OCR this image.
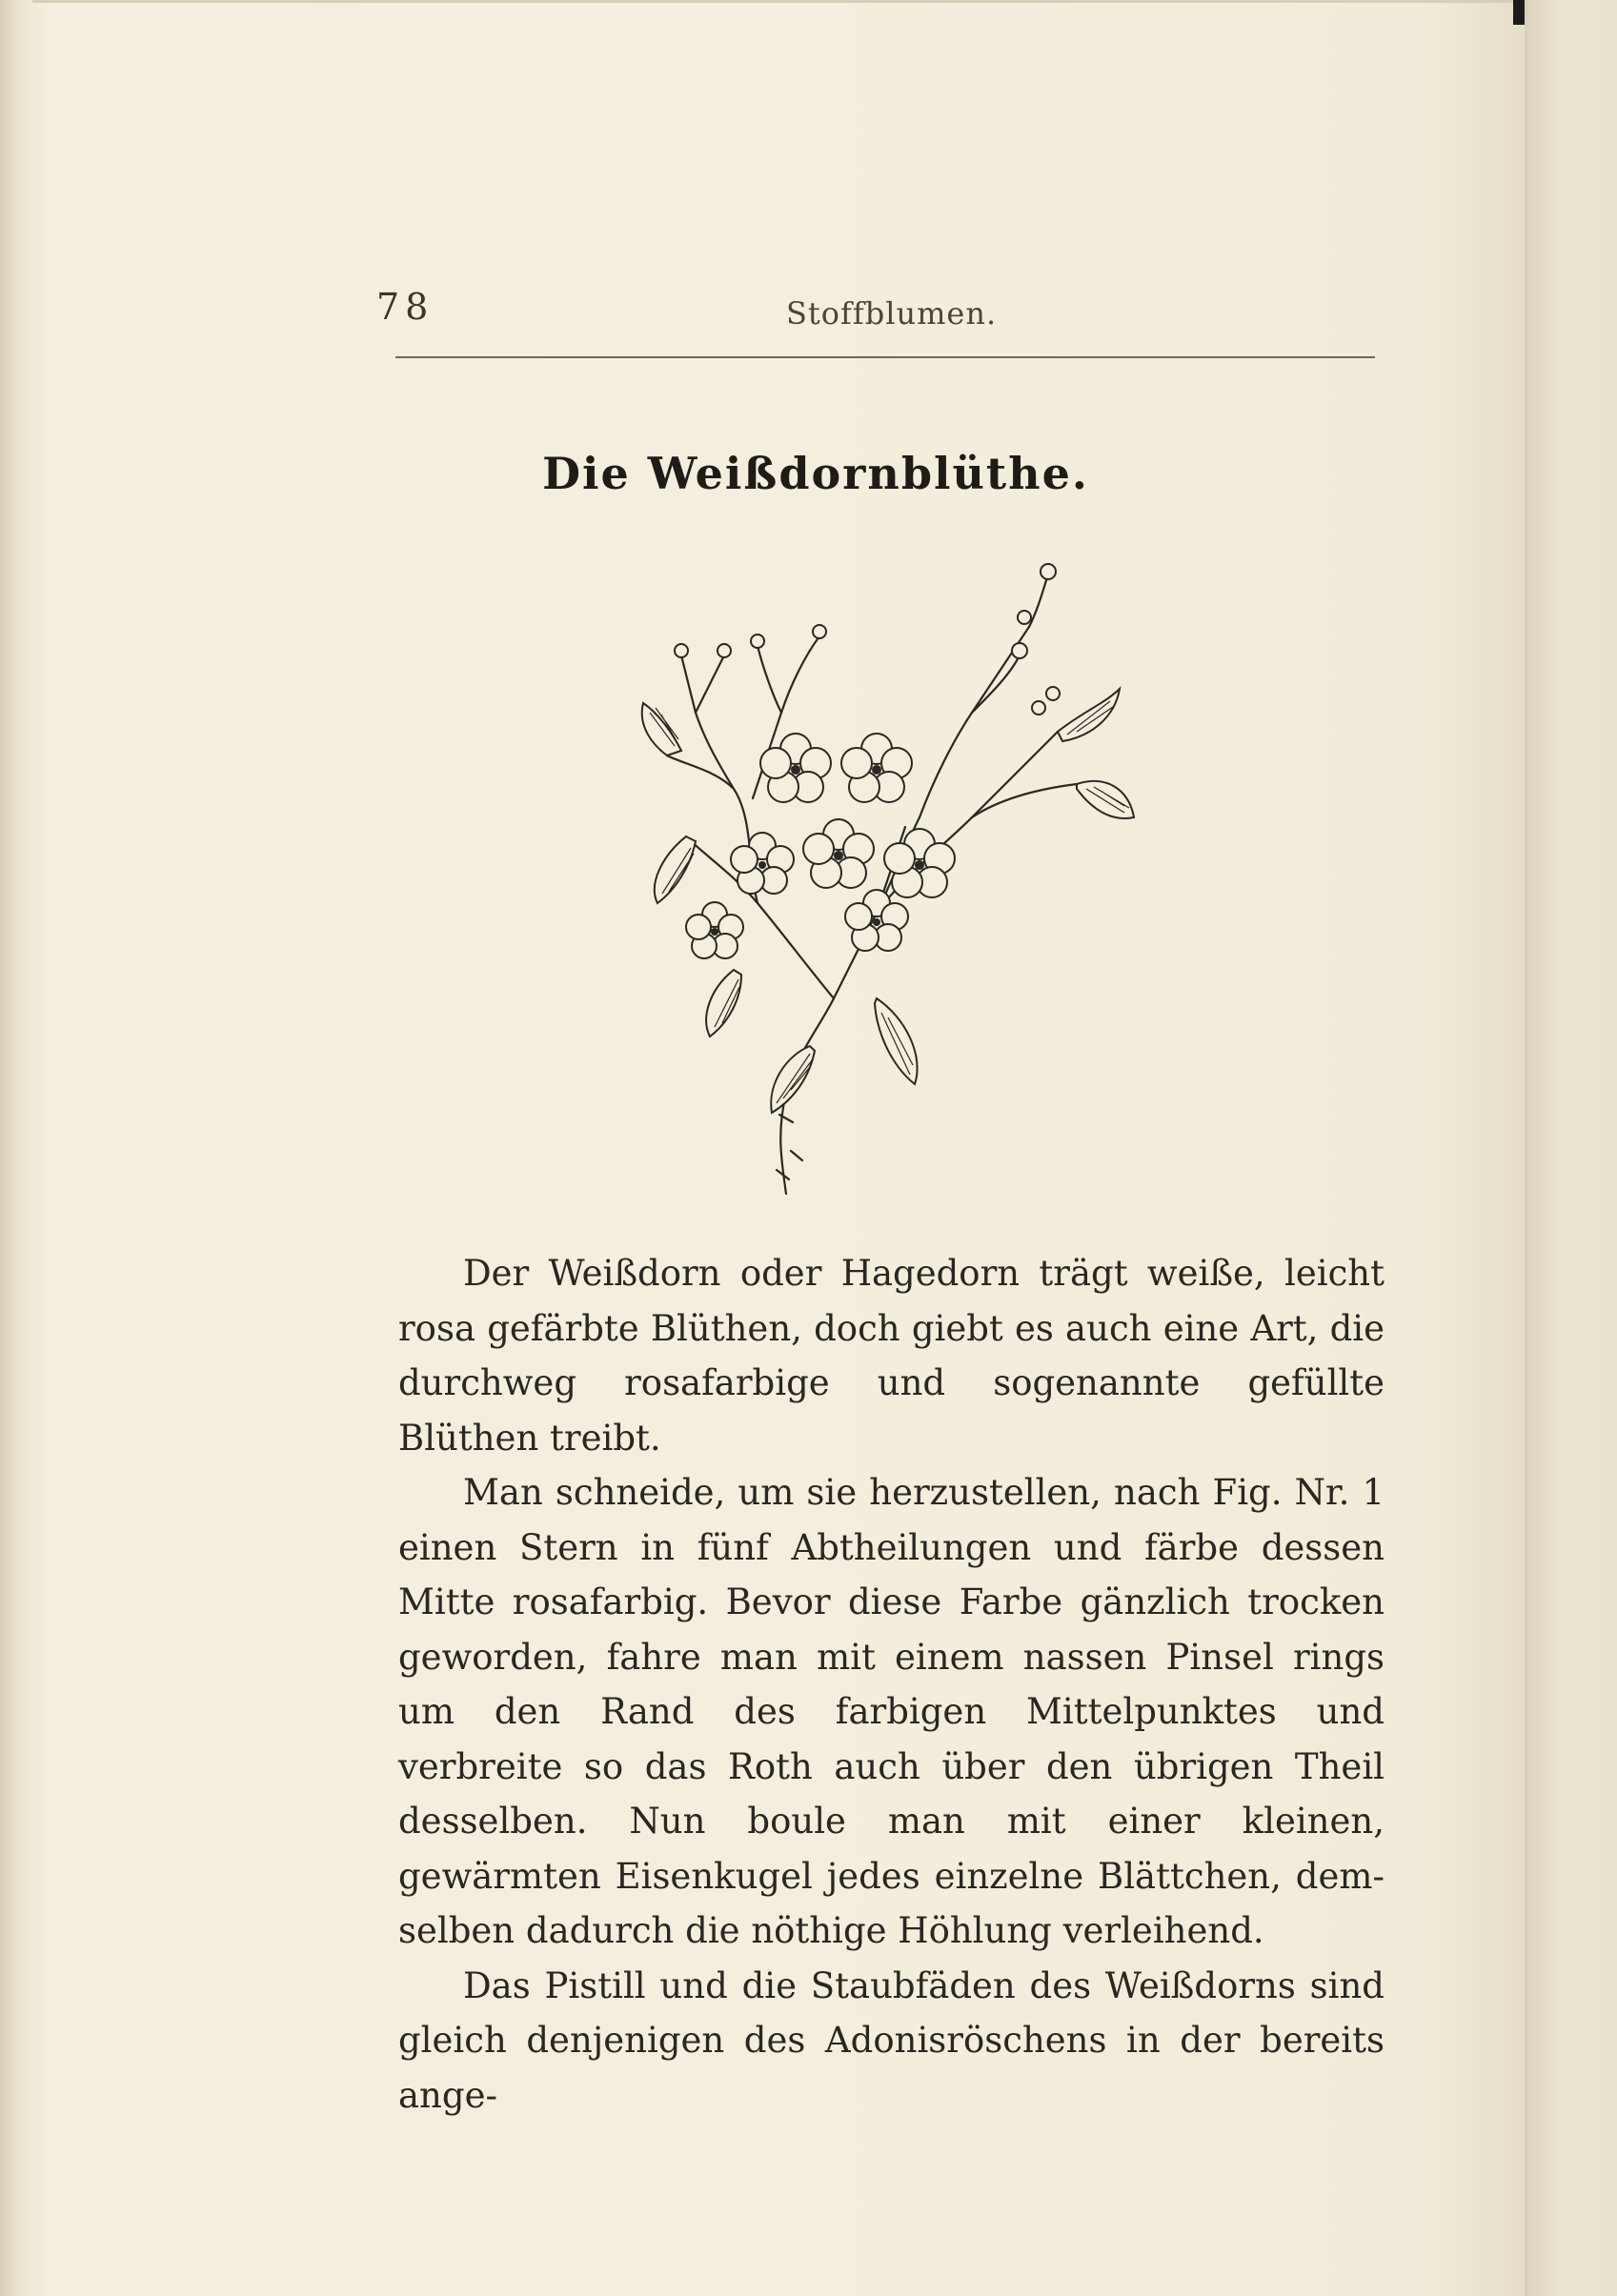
78	Stoffblumen.
Die Weißdornblüthe.

Der Weißdorn oder Hagedorn trägt weiße, leicht rosa gefärbte Blüthen, doch giebt es auch eine Art, die durchweg rosafarbige und sogenannte gefüllte Blüthen treibt.

Man schneide, um sie herzustellen, nach Fig. Nr. 1 einen Stern in fünf Abtheilungen und färbe dessen Mitte rosafarbig. Bevor diese Farbe gänzlich trocken geworden, fahre man mit einem nassen Pinsel rings um den Rand des farbigen Mittelpunktes und verbreite so das Roth auch über den übrigen Theil desselben. Nun boule man mit einer kleinen, gewärmten Eisenkugel jedes einzelne Blättchen, demselben dadurch die nöthige Höhlung verleihend.

Das Pistill und die Staubfäden des Weißdorns sind gleich denjenigen des Adonisröschens in der bereits ange-
